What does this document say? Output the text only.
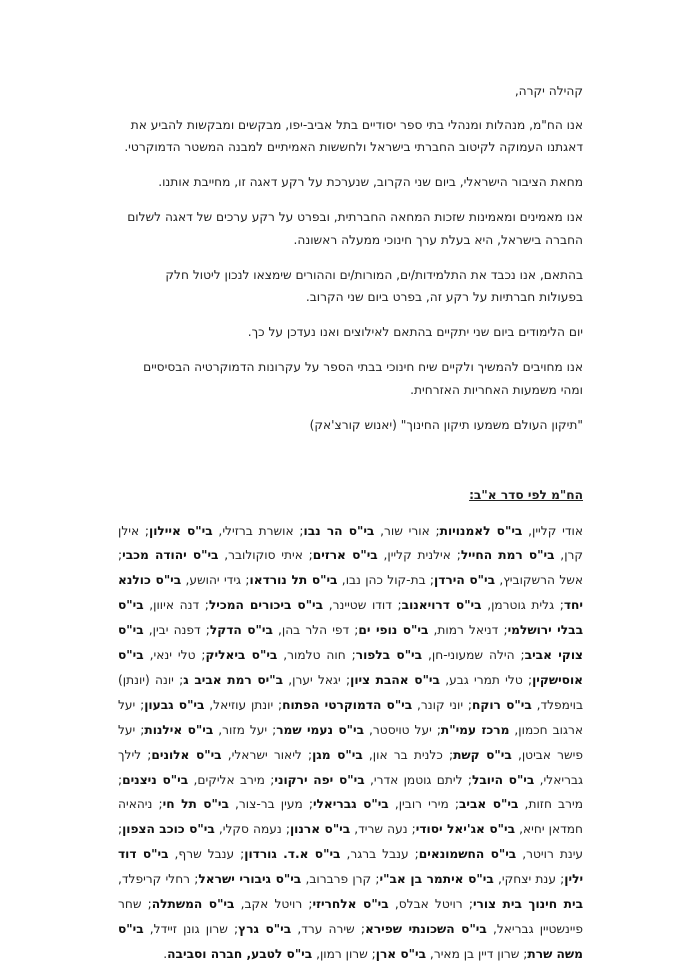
קהילה יקרה,

אנו הח"מ, מנהלות ומנהלי בתי ספר יסודיים בתל אביב-יפו, מבקשים ומבקשות להביע את דאגתנו העמוקה לקיטוב החברתי בישראל ולחששות האמיתיים למבנה המשטר הדמוקרטי.

מחאת הציבור הישראלי, ביום שני הקרוב, שנערכת על רקע דאגה זו, מחייבת אותנו.

אנו מאמינים ומאמינות שזכות המחאה החברתית, ובפרט על רקע ערכים של דאגה לשלום החברה בישראל, היא בעלת ערך חינוכי ממעלה ראשונה.

בהתאם, אנו נכבד את התלמידות/ים, המורות/ים וההורים שימצאו לנכון ליטול חלק בפעולות חברתיות על רקע זה, בפרט ביום שני הקרוב.

יום הלימודים ביום שני יתקיים בהתאם לאילוצים ואנו נעדכן על כך.

אנו מחויבים להמשיך ולקיים שיח חינוכי בבתי הספר על עקרונות הדמוקרטיה הבסיסיים ומהי משמעות האחריות האזרחית.

"תיקון העולם משמעו תיקון החינוך" (יאנוש קורצ'אק)

הח"מ לפי סדר א"ב:
אודי קליין, בי"ס לאמנויות; אורי שור, בי"ס הר נבו; אושרת ברזילי, בי"ס איילון; אילן קרן, בי"ס רמת החייל; אילנית קליין, בי"ס ארזים; איתי סוקולובר, בי"ס יהודה מכבי; אשל הרשקוביץ, בי"ס הירדן; בת-קול כהן נבו, בי"ס תל נורדאו; גידי יהושע, בי"ס כולנא יחד; גלית גוטרמן, בי"ס דרויאנוב; דודו שטיינר, בי"ס ביכורים המכיל; דנה איוון, בי"ס בבלי ירושלמי; דניאל רמות, בי"ס נופי ים; דפי הלר בהן, בי"ס הדקל; דפנה יבין, בי"ס צוקי אביב; הילה שמעוני-חן, בי"ס בלפור; חוה טלמור, בי"ס ביאליק; טלי ינאי, בי"ס אוסישקין; טלי תמרי גבע, בי"ס אהבת ציון; יגאל יערן, ב"יס רמת אביב ג; יונה (יונתן) בוימפלד, בי"ס רוקח; יוני קונר, בי"ס הדמוקרטי הפתוח; יונתן עוזיאל, בי"ס גבעון; יעל ארגוב חכמון, מרכז עמי"ת; יעל טויסטר, בי"ס נעמי שמר; יעל מזור, בי"ס אילנות; יעל פישר אביטן, בי"ס קשת; כלנית בר און, בי"ס מגן; ליאור ישראלי, בי"ס אלונים; לילך גבריאלי, בי"ס היובל; ליתם גוטמן אדרי, בי"ס יפה ירקוני; מירב אליקים, בי"ס ניצנים; מירב חזות, בי"ס אביב; מירי רובין, בי"ס גבריאלי; מעין בר-צור, בי"ס תל חי; ניהאיה חמדאן יחיא, בי"ס אג'יאל יסודי; נעה שריד, בי"ס ארנון; נעמה סקלי, בי"ס כוכב הצפון; עינת רויטר, בי"ס החשמונאים; ענבל ברגר, בי"ס א.ד. גורדון; ענבל שרף, בי"ס דוד ילין; ענת יצחקי, בי"ס איתמר בן אב"י; קרן פרברוב, בי"ס גיבורי ישראל; רחלי קריפלד, בית חינוך בית צורי; רויטל אבלס, בי"ס אלחריזי; רויטל אקב, בי"ס המשתלה; שחר פיינשטיין גבריאל, בי"ס השכונתי שפירא; שירה ערד, בי"ס גרץ; שרון גונן זיידל, בי"ס משה שרת; שרון דיין בן מאיר, בי"ס ארן; שרון רמון, בי"ס לטבע, חברה וסביבה.
